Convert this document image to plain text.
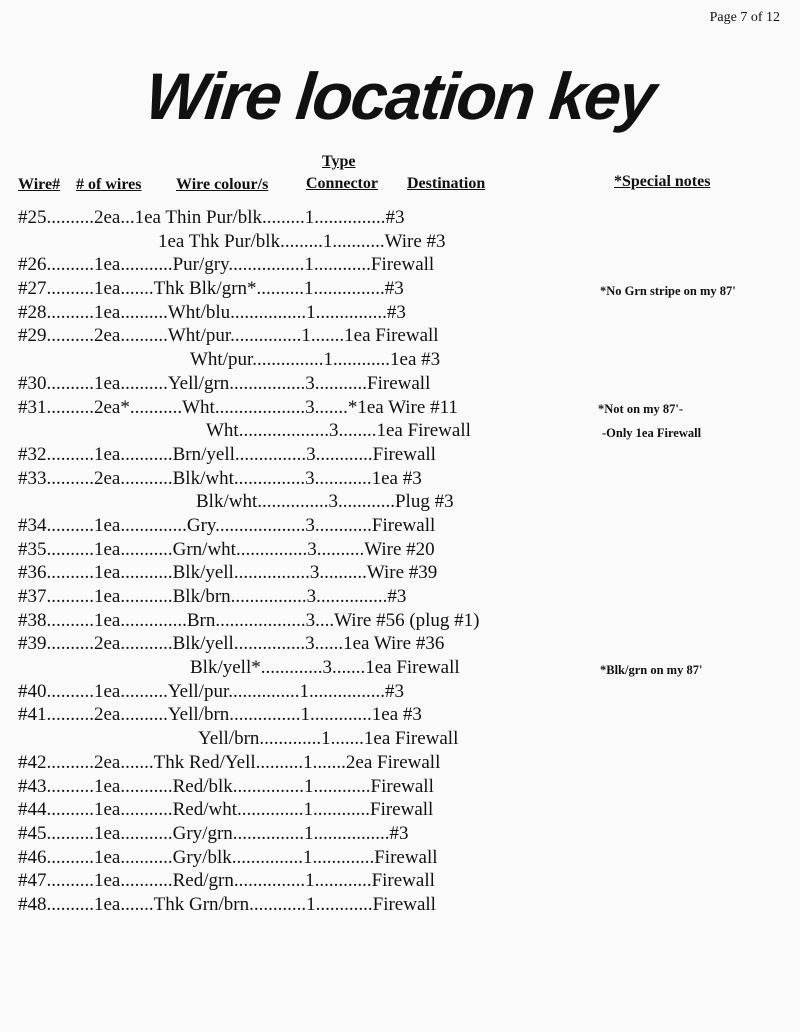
Page 7 of 12
Wire location key
Type
Wire# # of wires Wire colour/s Connector Destination	*Special notes
#25..........2ea...1ea Thin Pur/blk.........1...............#3
1ea Thk Pur/blk.........1...........Wire #3
#26..........1ea...........Pur/gry................1............Firewall
#27..........1ea.......Thk Blk/grn*..........1...............#3
#28..........1ea..........Wht/blu................1...............#3
#29..........2ea..........Wht/pur...............1.......1ea Firewall
Wht/pur...............1............1ea #3
#30..........1ea..........Yell/grn................3...........Firewall
#31..........2ea*...........Wht...................3.......*1ea Wire #11
Wht...................3........1ea Firewall
#32..........1ea...........Brn/yell...............3............Firewall
#33..........2ea...........Blk/wht...............3............1ea #3
Blk/wht...............3............Plug #3
#34..........1ea..............Gry...................3............Firewall
#35..........1ea...........Grn/wht...............3..........Wire #20
#36..........1ea...........Blk/yell................3..........Wire #39
#37..........1ea...........Blk/brn................3...............#3
#38..........1ea..............Brn...................3....Wire #56 (plug #1)
#39..........2ea...........Blk/yell...............3......1ea Wire #36
Blk/yell*.............3.......1ea Firewall
#40..........1ea..........Yell/pur...............1................#3
#41..........2ea..........Yell/brn...............1.............1ea #3
Yell/brn.............1.......1ea Firewall
#42..........2ea.......Thk Red/Yell..........1.......2ea Firewall
#43..........1ea...........Red/blk...............1............Firewall
#44..........1ea...........Red/wht..............1............Firewall
#45..........1ea...........Gry/grn...............1................#3
#46..........1ea...........Gry/blk...............1.............Firewall
#47..........1ea...........Red/grn...............1............Firewall
#48..........1ea.......Thk Grn/brn............1............Firewall
*No Grn stripe on my 87'
*Not on my 87'-
-Only 1ea Firewall
*Blk/grn on my 87'
